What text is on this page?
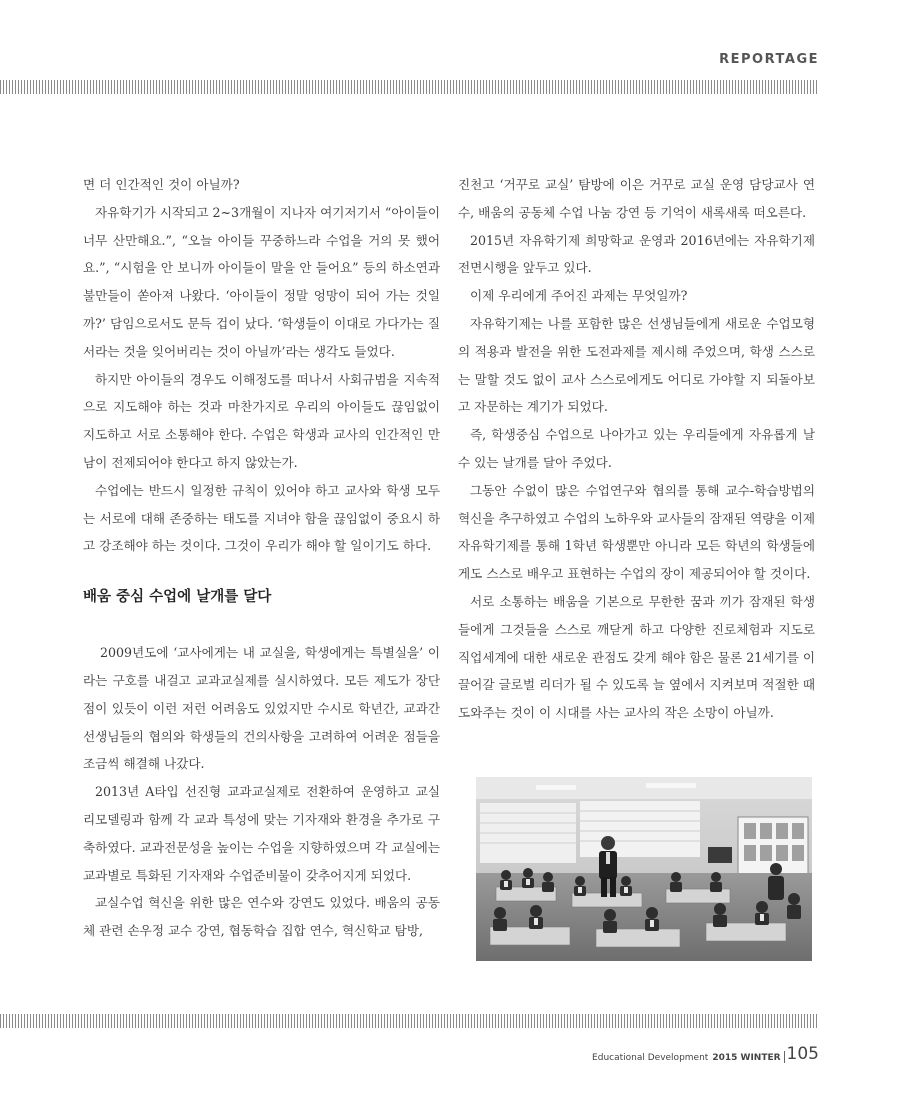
REPORTAGE

면 더 인간적인 것이 아닐까?

자유학기가 시작되고 2~3개월이 지나자 여기저기서 “아이들이 너무 산만해요.”, “오늘 아이들 꾸중하느라 수업을 거의 못 했어요.”, “시험을 안 보니까 아이들이 말을 안 들어요” 등의 하소연과 불만들이 쏟아져 나왔다. ‘아이들이 정말 엉망이 되어 가는 것일까?’ 담임으로서도 문득 겁이 났다. ‘학생들이 이대로 가다가는 질서라는 것을 잊어버리는 것이 아닐까’라는 생각도 들었다.

하지만 아이들의 경우도 이해정도를 떠나서 사회규범을 지속적으로 지도해야 하는 것과 마찬가지로 우리의 아이들도 끊임없이 지도하고 서로 소통해야 한다. 수업은 학생과 교사의 인간적인 만남이 전제되어야 한다고 하지 않았는가.

수업에는 반드시 일정한 규칙이 있어야 하고 교사와 학생 모두는 서로에 대해 존중하는 태도를 지녀야 함을 끊임없이 중요시 하고 강조해야 하는 것이다. 그것이 우리가 해야 할 일이기도 하다.

배움 중심 수업에 날개를 달다

2009년도에 ‘교사에게는 내 교실을, 학생에게는 특별실을’ 이라는 구호를 내걸고 교과교실제를 실시하였다. 모든 제도가 장단점이 있듯이 이런 저런 어려움도 있었지만 수시로 학년간, 교과간 선생님들의 협의와 학생들의 건의사항을 고려하여 어려운 점들을 조금씩 해결해 나갔다.

2013년 A타입 선진형 교과교실제로 전환하여 운영하고 교실 리모델링과 함께 각 교과 특성에 맞는 기자재와 환경을 추가로 구축하였다. 교과전문성을 높이는 수업을 지향하였으며 각 교실에는 교과별로 특화된 기자재와 수업준비물이 갖추어지게 되었다.

교실수업 혁신을 위한 많은 연수와 강연도 있었다. 배움의 공동체 관련 손우정 교수 강연, 협동학습 집합 연수, 혁신학교 탐방,

진천고 ‘거꾸로 교실’ 탐방에 이은 거꾸로 교실 운영 담당교사 연수, 배움의 공동체 수업 나눔 강연 등 기억이 새록새록 떠오른다.

2015년 자유학기제 희망학교 운영과 2016년에는 자유학기제 전면시행을 앞두고 있다.

이제 우리에게 주어진 과제는 무엇일까?

자유학기제는 나를 포함한 많은 선생님들에게 새로운 수업모형의 적용과 발전을 위한 도전과제를 제시해 주었으며, 학생 스스로는 말할 것도 없이 교사 스스로에게도 어디로 가야할 지 되돌아보고 자문하는 계기가 되었다.

즉, 학생중심 수업으로 나아가고 있는 우리들에게 자유롭게 날 수 있는 날개를 달아 주었다.

그동안 수없이 많은 수업연구와 협의를 통해 교수-학습방법의 혁신을 추구하였고 수업의 노하우와 교사들의 잠재된 역량을 이제 자유학기제를 통해 1학년 학생뿐만 아니라 모든 학년의 학생들에게도 스스로 배우고 표현하는 수업의 장이 제공되어야 할 것이다.

서로 소통하는 배움을 기본으로 무한한 꿈과 끼가 잠재된 학생들에게 그것들을 스스로 깨닫게 하고 다양한 진로체험과 지도로 직업세계에 대한 새로운 관점도 갖게 해야 함은 물론 21세기를 이끌어갈 글로벌 리더가 될 수 있도록 늘 옆에서 지켜보며 적절한 때 도와주는 것이 이 시대를 사는 교사의 작은 소망이 아닐까.

Educational Development 2015 WINTER 105
